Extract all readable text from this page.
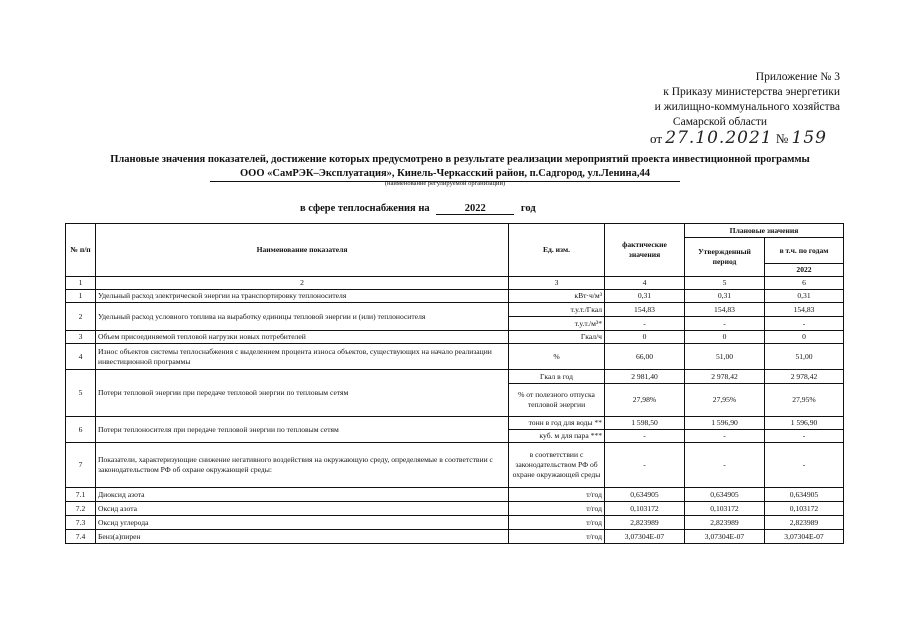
Приложение № 3
к Приказу министерства энергетики
и жилищно-коммунального хозяйства
Самарской области
от 27.10.2021 № 159
Плановые значения показателей, достижение которых предусмотрено в результате реализации мероприятий проекта инвестиционной программы
ООО «СамРЭК–Эксплуатация», Кинель-Черкасский район, п.Садгород, ул.Ленина,44
(наименование регулируемой организации)
в сфере теплоснабжения на	2022	год
№ п/п	Наименование показателя	Ед. изм.	фактические значения	Плановые значения	
				Утвержденный период	в т.ч. по годам
					2022
1	2	3	4	5	6
1	Удельный расход электрической энергии на транспортировку теплоносителя	кВт·ч/м³	0,31	0,31	0,31
2	Удельный расход условного топлива на выработку единицы тепловой энергии и (или) теплоносителя	т.у.т./Гкал	154,83	154,83	154,83
		т.у.т./м³*	-	-	-
3	Объем присоединяемой тепловой нагрузки новых потребителей	Гкал/ч	0	0	0
4	Износ объектов системы теплоснабжения с выделением процента износа объектов, существующих на начало реализации инвестиционной программы	%	66,00	51,00	51,00
5	Потери тепловой энергии при передаче тепловой энергии по тепловым сетям	Гкал в год	2 981,40	2 978,42	2 978,42
		% от полезного отпуска тепловой энергии	27,98%	27,95%	27,95%
6	Потери теплоносителя при передаче тепловой энергии по тепловым сетям	тонн в год для воды **	1 598,50	1 596,90	1 596,90
		куб. м для пара ***	-	-	-
7	Показатели, характеризующие снижение негативного воздействия на окружающую среду, определяемые в соответствии с законодательством РФ об охране окружающей среды:	в соответствии с законодательством РФ об охране окружающей среды	-	-	-
7.1	Диоксид азота	т/год	0,634905	0,634905	0,634905
7.2	Оксид азота	т/год	0,103172	0,103172	0,103172
7.3	Оксид углерода	т/год	2,823989	2,823989	2,823989
7.4	Бенз(а)пирен	т/год	3,07304E-07	3,07304E-07	3,07304E-07
